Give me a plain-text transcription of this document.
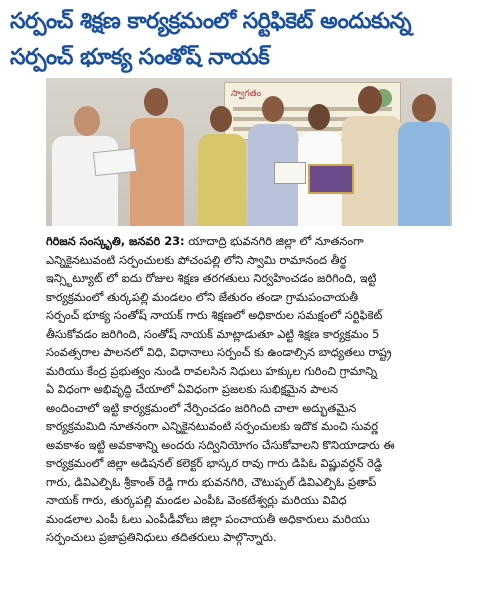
సర్పంచ్ శిక్షణ కార్యక్రమంలో సర్టిఫికెట్ అందుకున్న
సర్పంచ్ భూక్య సంతోష్ నాయక్
స్వాగతం
గిరిజన సంస్కృతి, జనవరి 23: యాదాద్రి భువనగిరి జిల్లా లో నూతనంగా
ఎన్నికైనటువంటి సర్పంచులకు పోచంపల్లి లోని స్వామి రామానంద తీర్థ
ఇన్స్టిట్యూట్ లో ఐదు రోజుల శిక్షణ తరగతులు నిర్వహించడం జరిగింది, ఇట్టి
కార్యక్రమంలో తుర్కపల్లి మండలం లోని జేతురం తండా గ్రామపంచాయతీ
సర్పంచ్ భూక్య సంతోష్ నాయక్ గారు శిక్షణలో అధికారుల సమక్షంలో సర్టిఫికెట్
తీసుకోవడం జరిగింది, సంతోష్ నాయక్ మాట్లాడుతూ ఎట్టి శిక్షణ కార్యక్రమం 5
సంవత్సరాల పాలనలో విధి, విధానాలు సర్పంచ్ కు ఉండాల్సిన బాధ్యతలు రాష్ట్ర
మరియు కేంద్ర ప్రభుత్వం నుండి రావలసిన నిధులు హక్కుల గురించి గ్రామాన్ని
ఏ విధంగా అభివృద్ధి చేయాలో ఏవిధంగా ప్రజలకు సుభిక్షమైన పాలన
అందించాలో ఇట్టి కార్యక్రమంలో నేర్పించడం జరిగింది చాలా అద్భుతమైన
కార్యక్రమమిది నూతనంగా ఎన్నికైనటువంటి సర్పంచులకు ఇదొక మంచి సువర్ణ
అవకాశం ఇట్టి అవకాశాన్ని అందరు సద్వినియోగం చేసుకోవాలని కొనియాడారు ఈ
కార్యక్రమంలో జిల్లా అడిషనల్ కలెక్టర్ భాస్కర రావు గారు డిపిఓ విష్ణువర్ధన్ రెడ్డి
గారు, డివిఎల్పిఓ శ్రీకాంత్ రెడ్డి గారు భువనగిరి, చౌటుప్పల్ డివిఎల్పిఓ ప్రతాప్
నాయక్ గారు, తుర్కపల్లి మండల ఎంపీఓ వెంకటేశ్వర్లు మరియు వివిధ
మండలాల ఎంపీ ఓలు ఎంపీడీవోలు జిల్లా పంచాయతీ అధికారులు మరియు
సర్పంచులు ప్రజాప్రతినిధులు తదితరులు పాల్గొన్నారు.
